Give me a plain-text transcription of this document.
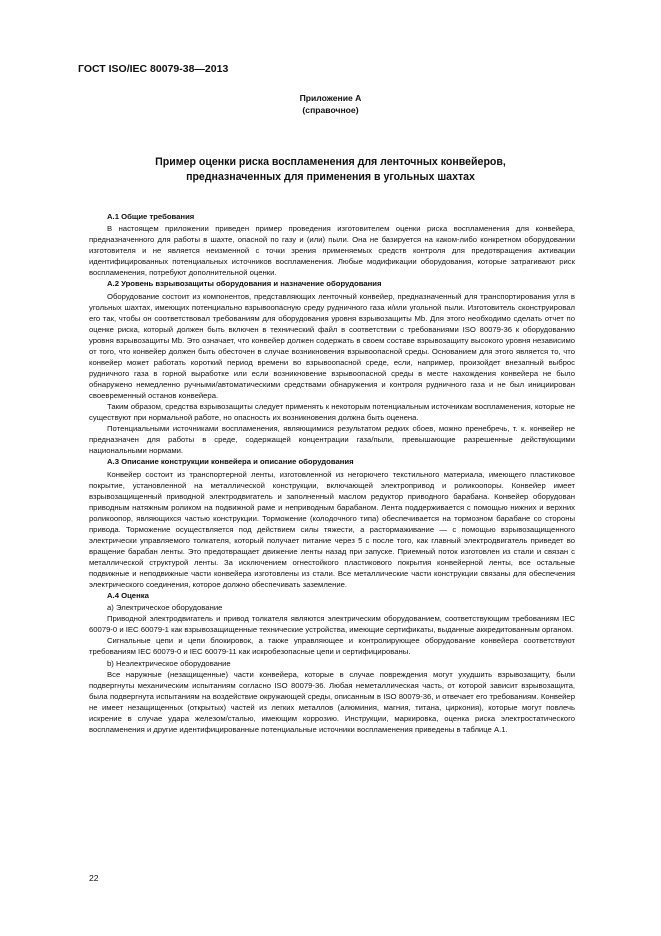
ГОСТ ISO/IEC 80079-38—2013
Приложение А
(справочное)
Пример оценки риска воспламенения для ленточных конвейеров,
предназначенных для применения в угольных шахтах
А.1 Общие требования

В настоящем приложении приведен пример проведения изготовителем оценки риска воспламенения для конвейера, предназначенного для работы в шахте, опасной по газу и (или) пыли. Она не базируется на каком-либо конкретном оборудовании изготовителя и не является неизменной с точки зрения применяемых средств контроля для предотвращения активации идентифицированных потенциальных источников воспламенения. Любые модификации оборудования, которые затрагивают риск воспламенения, потребуют дополнительной оценки.

А.2 Уровень взрывозащиты оборудования и назначение оборудования

Оборудование состоит из компонентов, представляющих ленточный конвейер, предназначенный для транспортирования угля в угольных шахтах, имеющих потенциально взрывоопасную среду рудничного газа и/или угольной пыли. Изготовитель сконструировал его так, чтобы он соответствовал требованиям для оборудования уровня взрывозащиты Mb. Для этого необходимо сделать отчет по оценке риска, который должен быть включен в технический файл в соответствии с требованиями ISO 80079-36 к оборудованию уровня взрывозащиты Mb. Это означает, что конвейер должен содержать в своем составе взрывозащиту высокого уровня независимо от того, что конвейер должен быть обесточен в случае возникновения взрывоопасной среды. Основанием для этого является то, что конвейер может работать короткий период времени во взрывоопасной среде, если, например, произойдет внезапный выброс рудничного газа в горной выработке или если возникновение взрывоопасной среды в месте нахождения конвейера не было обнаружено немедленно ручными/автоматическими средствами обнаружения и контроля рудничного газа и не был инициирован своевременный останов конвейера.

Таким образом, средства взрывозащиты следует применять к некоторым потенциальным источникам воспламенения, которые не существуют при нормальной работе, но опасность их возникновения должна быть оценена.

Потенциальными источниками воспламенения, являющимися результатом редких сбоев, можно пренебречь, т. к. конвейер не предназначен для работы в среде, содержащей концентрации газа/пыли, превышающие разрешенные действующими национальными нормами.

А.3 Описание конструкции конвейера и описание оборудования

Конвейер состоит из транспортерной ленты, изготовленной из негорючего текстильного материала, имеющего пластиковое покрытие, установленной на металлической конструкции, включающей электропривод и роликоопоры. Конвейер имеет взрывозащищенный приводной электродвигатель и заполненный маслом редуктор приводного барабана. Конвейер оборудован приводным натяжным роликом на подвижной раме и неприводным барабаном. Лента поддерживается с помощью нижних и верхних роликоопор, являющихся частью конструкции. Торможение (колодочного типа) обеспечивается на тормозном барабане со стороны привода. Торможение осуществляется под действием силы тяжести, а растормаживание — с помощью взрывозащищенного электрически управляемого толкателя, который получает питание через 5 с после того, как главный электродвигатель приведет во вращение барабан ленты. Это предотвращает движение ленты назад при запуске. Приемный поток изготовлен из стали и связан с металлической структурой ленты. За исключением огнестойкого пластикового покрытия конвейерной ленты, все остальные подвижные и неподвижные части конвейера изготовлены из стали. Все металлические части конструкции связаны для обеспечения электрического соединения, которое должно обеспечивать заземление.

А.4 Оценка

а) Электрическое оборудование

Приводной электродвигатель и привод толкателя являются электрическим оборудованием, соответствующим требованиям IEC 60079-0 и IEC 60079-1 как взрывозащищенные технические устройства, имеющие сертификаты, выданные аккредитованным органом.

Сигнальные цепи и цепи блокировок, а также управляющее и контролирующее оборудование конвейера соответствуют требованиям IEC 60079-0 и IEC 60079-11 как искробезопасные цепи и сертифицированы.

b) Неэлектрическое оборудование

Все наружные (незащищенные) части конвейера, которые в случае повреждения могут ухудшить взрывозащиту, были подвергнуты механическим испытаниям согласно ISO 80079-36. Любая неметаллическая часть, от которой зависит взрывозащита, была подвергнута испытаниям на воздействие окружающей среды, описанным в ISO 80079-36, и отвечает его требованиям. Конвейер не имеет незащищенных (открытых) частей из легких металлов (алюминия, магния, титана, циркония), которые могут повлечь искрение в случае удара железом/сталью, имеющим коррозию. Инструкции, маркировка, оценка риска электростатического воспламенения и другие идентифицированные потенциальные источники воспламенения приведены в таблице А.1.

22
